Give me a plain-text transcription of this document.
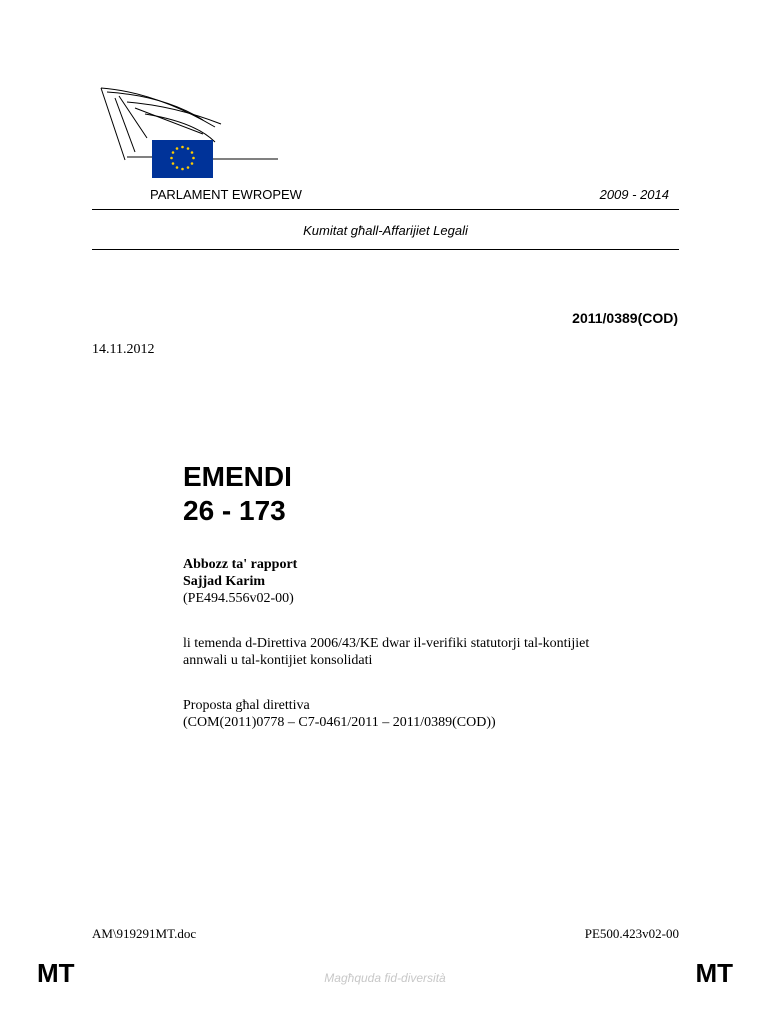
PARLAMENT EWROPEW	2009 - 2014
Kumitat għall-Affarijiet Legali
2011/0389(COD)
14.11.2012
EMENDI
26 - 173
Abbozz ta' rapport
Sajjad Karim
(PE494.556v02-00)
li temenda d-Direttiva 2006/43/KE dwar il-verifiki statutorji tal-kontijiet
annwali u tal-kontijiet konsolidati
Proposta għal direttiva
(COM(2011)0778 – C7-0461/2011 – 2011/0389(COD))
AM\919291MT.doc	PE500.423v02-00
MT	Magħquda fid-diversità	MT
